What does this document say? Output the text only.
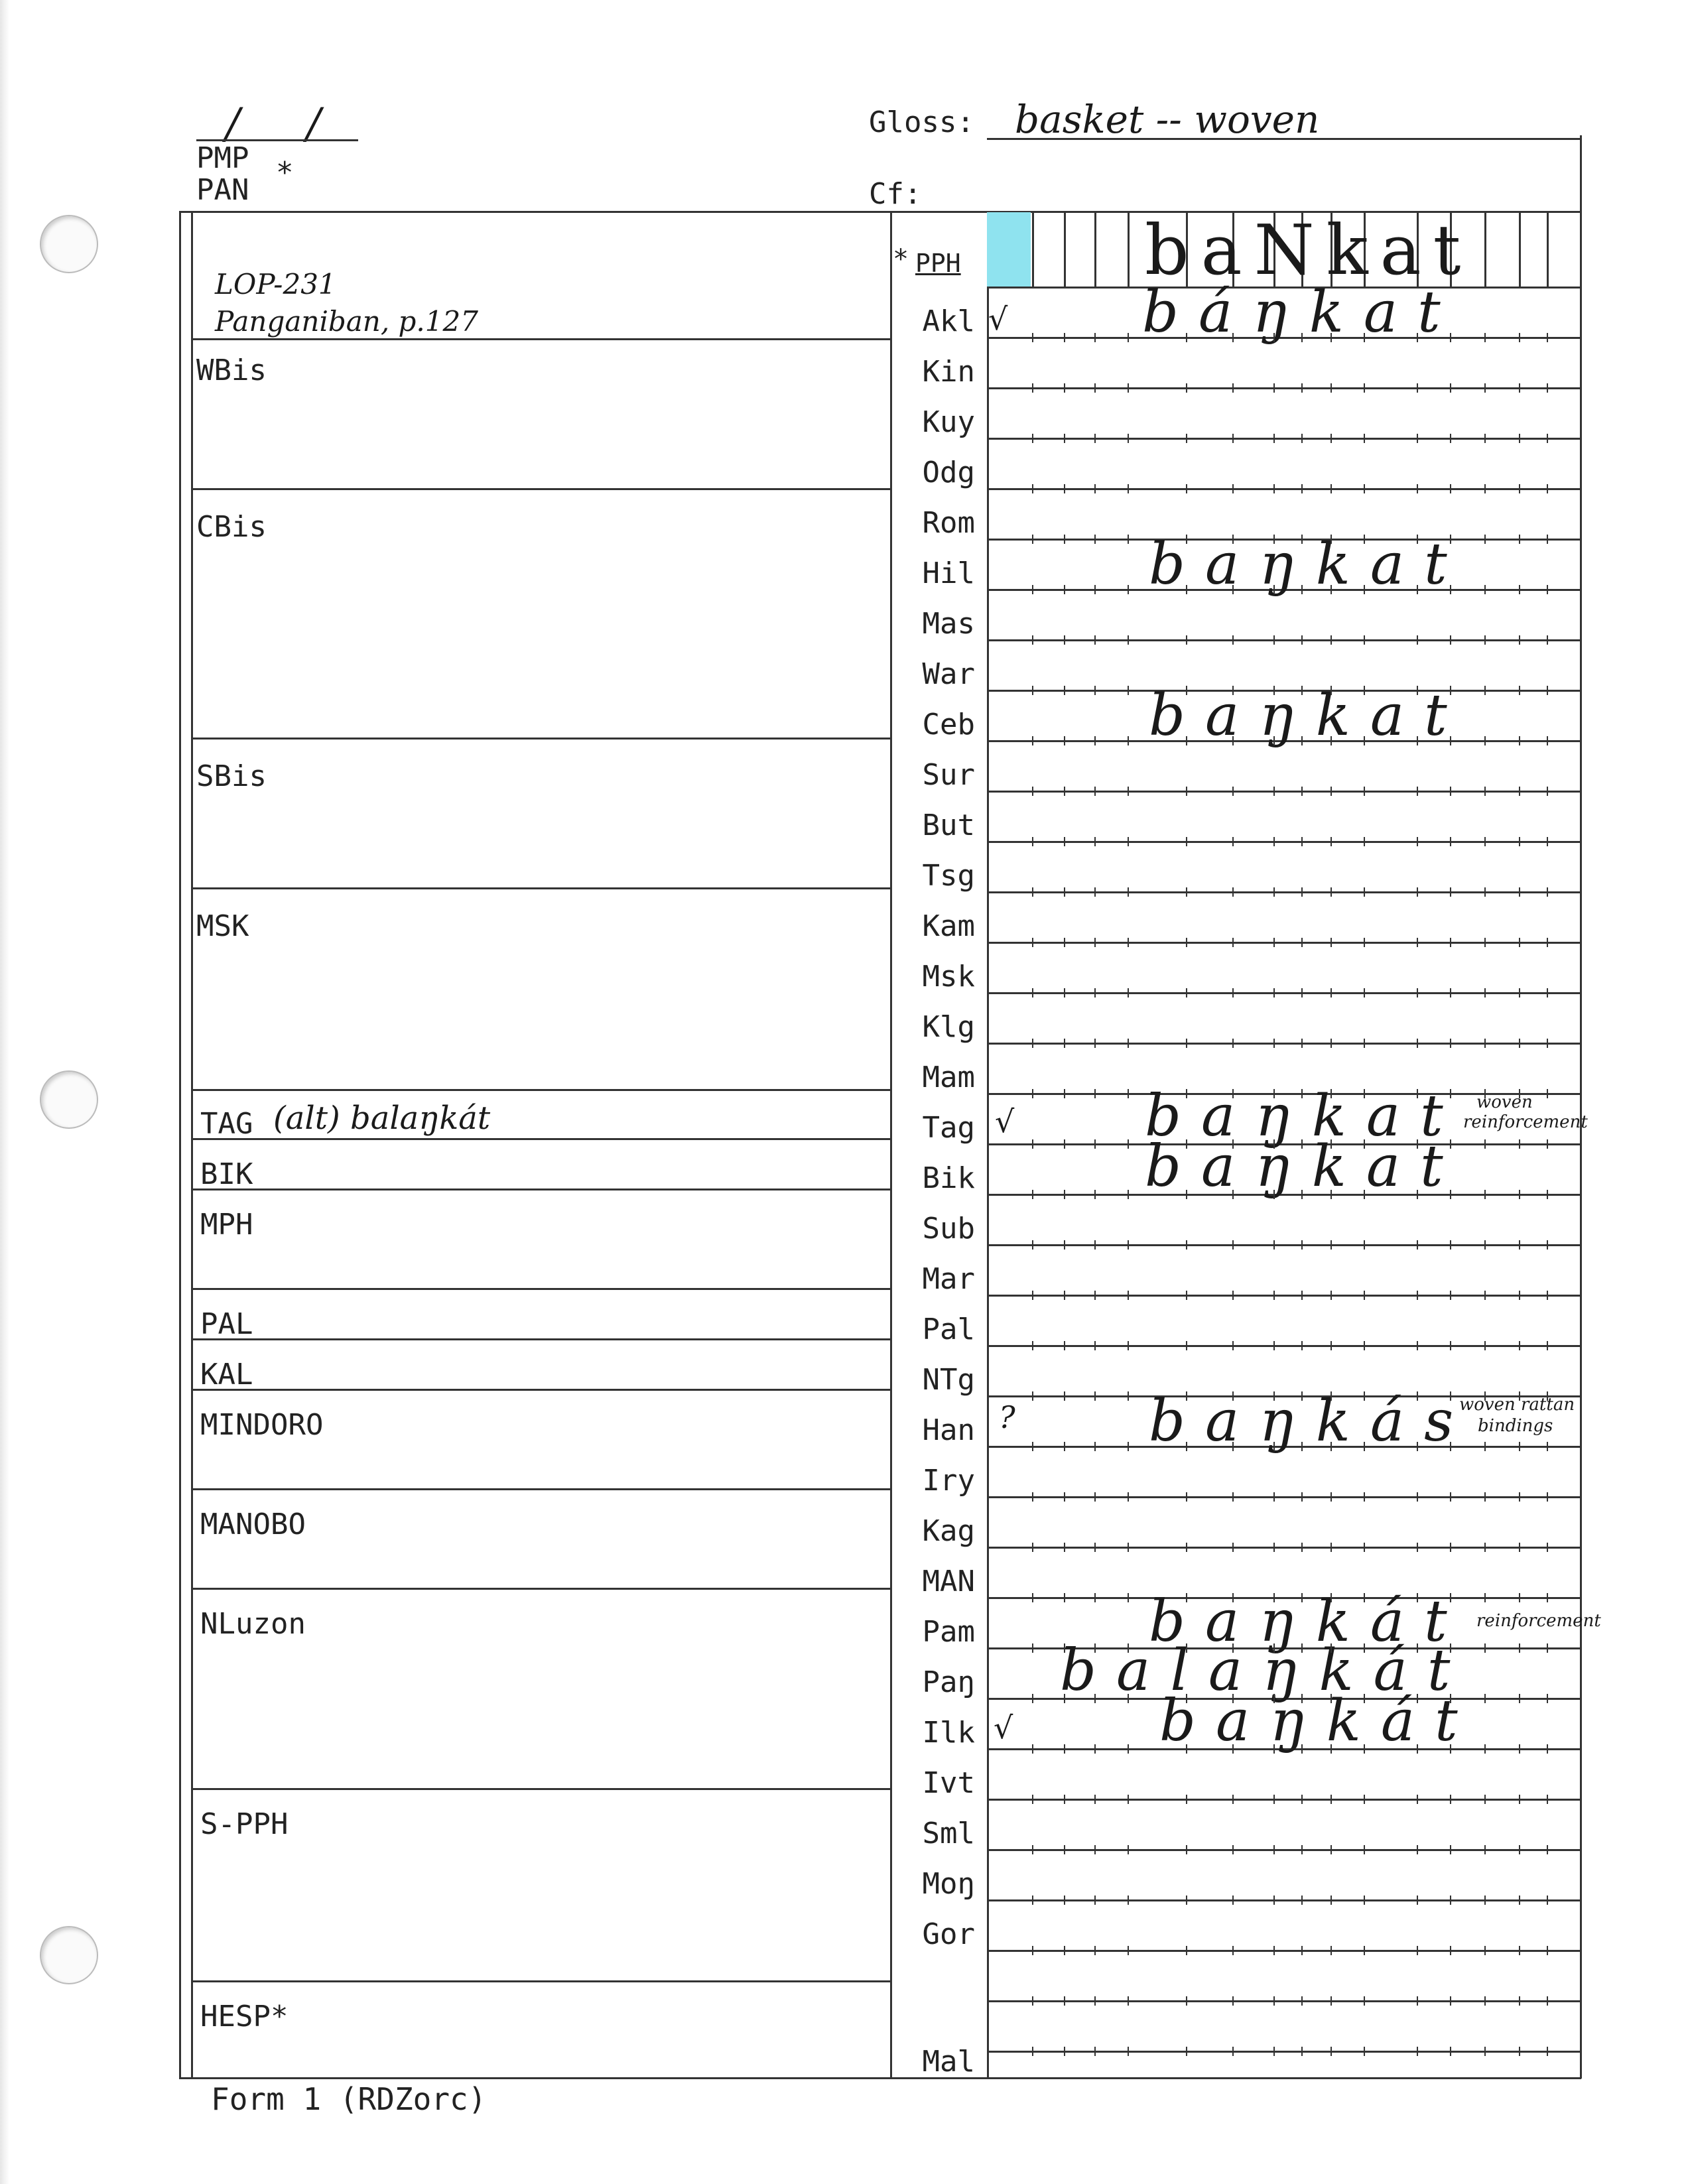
/ /
PMP *
PAN
Gloss: basket -- woven
Cf:
* PPH	baNkat
LOP-231
Panganiban, p.127
WBis
CBis
SBis
MSK
TAG (alt) balaŋkát
BIK
MPH
PAL
KAL
MINDORO
MANOBO
NLuzon
S-PPH
HESP*
Akl
Kin
Kuy
Odg
Rom
Hil
Mas
War
Ceb
Sur
But
Tsg
Kam
Msk
Klg
Mam
Tag
Bik
Sub
Mar
Pal
NTg
Han
Iry
Kag
MAN
Pam
Paŋ
Ilk
Ivt
Sml
Moŋ
Gor
Mal
√ báŋkat
baŋkat
baŋkat
√ baŋkat woven
reinforcement
baŋkat
? baŋkás
woven rattan
bindings
baŋkát reinforcement
balaŋkát
√	baŋkát
Form 1 (RDZorc)
